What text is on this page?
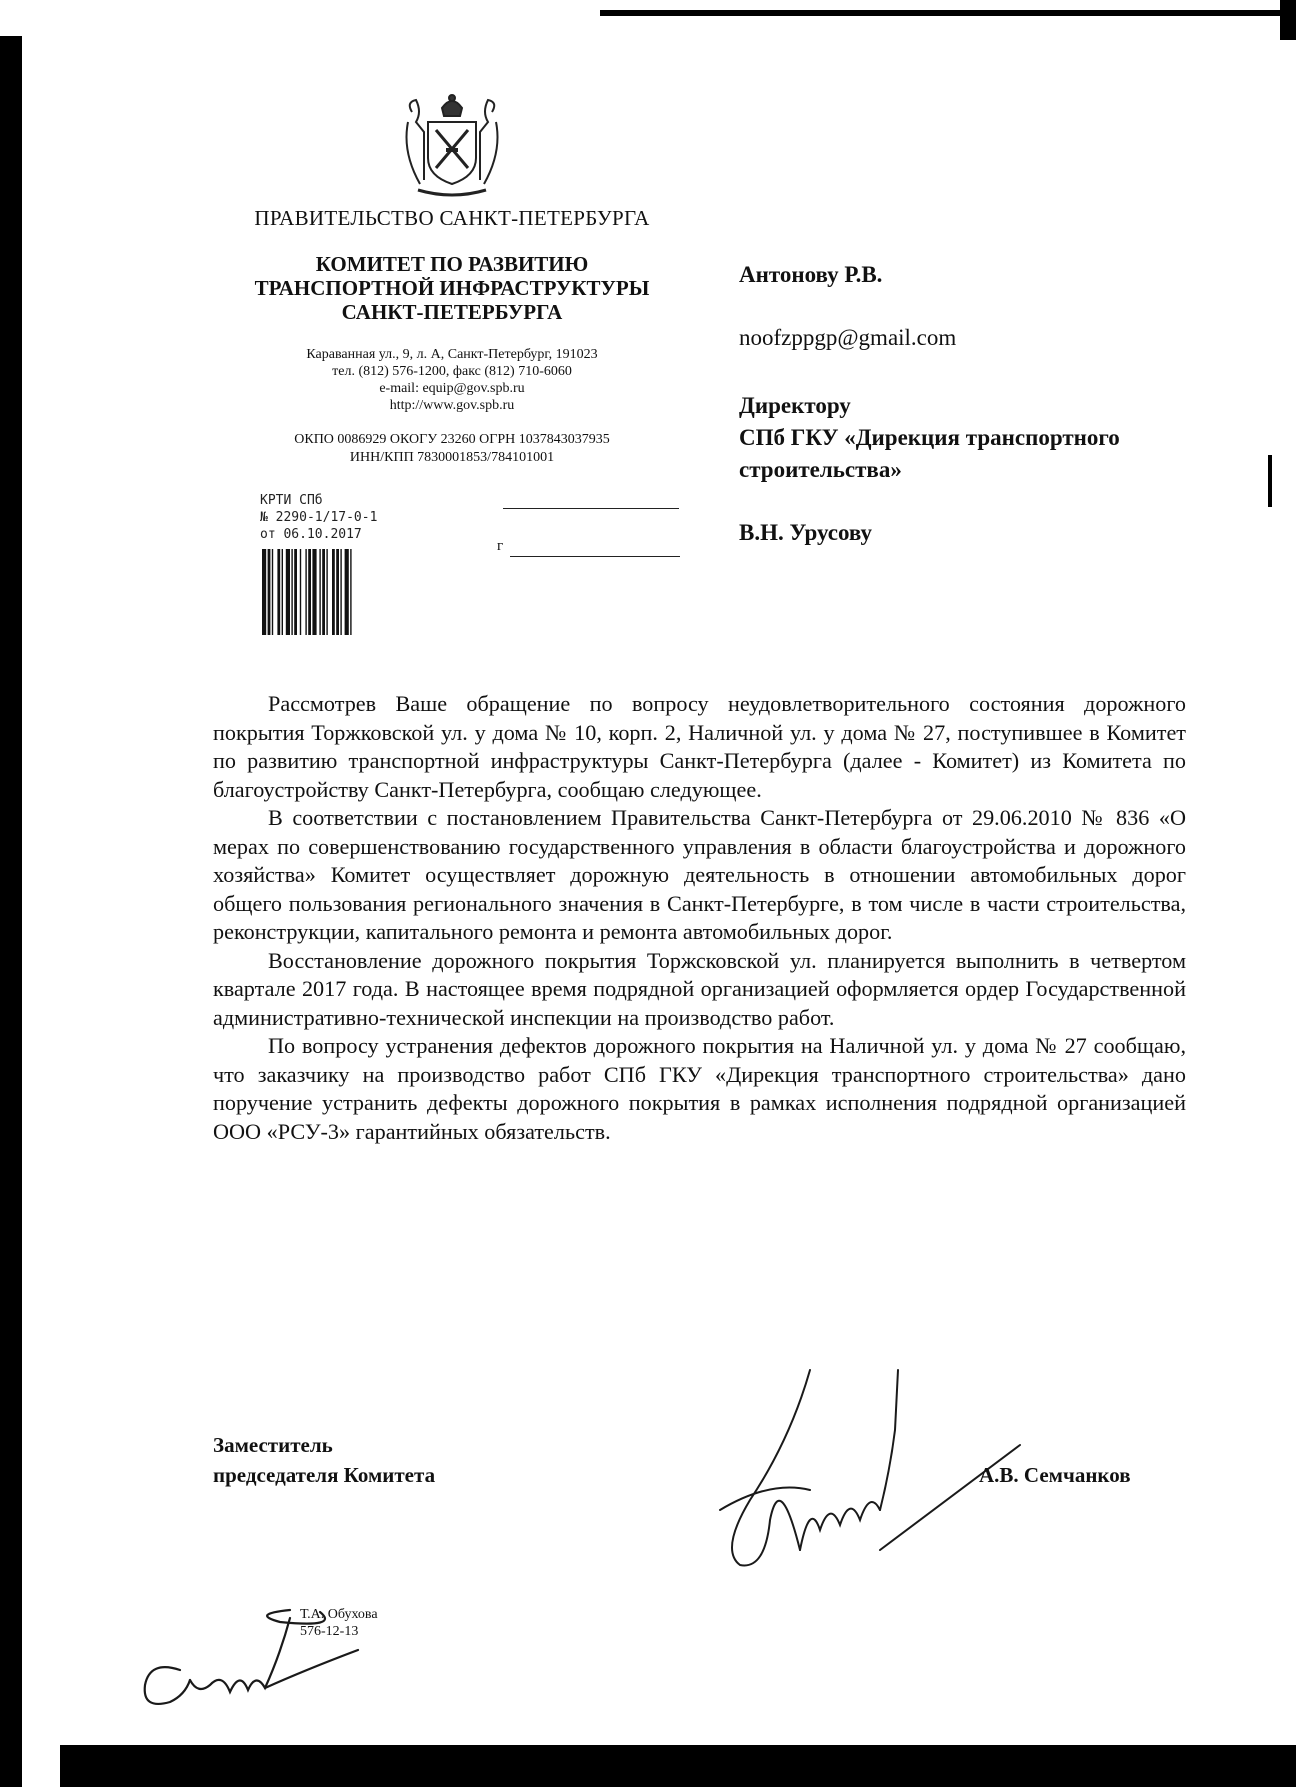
ПРАВИТЕЛЬСТВО САНКТ-ПЕТЕРБУРГА
КОМИТЕТ ПО РАЗВИТИЮ
ТРАНСПОРТНОЙ ИНФРАСТРУКТУРЫ
САНКТ-ПЕТЕРБУРГА
Караванная ул., 9, л. А, Санкт-Петербург, 191023
тел. (812) 576-1200, факс (812) 710-6060
e-mail: equip@gov.spb.ru
http://www.gov.spb.ru
ОКПО 0086929 ОКОГУ 23260 ОГРН 1037843037935
ИНН/КПП 7830001853/784101001
КРТИ СПб
№ 2290-1/17-0-1
от 06.10.2017
г
Антонову Р.В.
noofzppgp@gmail.com
Директору
СПб ГКУ «Дирекция транспортного
строительства»
В.Н. Урусову

Рассмотрев Ваше обращение по вопросу неудовлетворительного состояния дорожного покрытия Торжковской ул. у дома № 10, корп. 2, Наличной ул. у дома № 27, поступившее в Комитет по развитию транспортной инфраструктуры Санкт-Петербурга (далее - Комитет) из Комитета по благоустройству Санкт-Петербурга, сообщаю следующее.

В соответствии с постановлением Правительства Санкт-Петербурга от 29.06.2010 № 836 «О мерах по совершенствованию государственного управления в области благоустройства и дорожного хозяйства» Комитет осуществляет дорожную деятельность в отношении автомобильных дорог общего пользования регионального значения в Санкт-Петербурге, в том числе в части строительства, реконструкции, капитального ремонта и ремонта автомобильных дорог.

Восстановление дорожного покрытия Торжсковской ул. планируется выполнить в четвертом квартале 2017 года. В настоящее время подрядной организацией оформляется ордер Государственной административно-технической инспекции на производство работ.

По вопросу устранения дефектов дорожного покрытия на Наличной ул. у дома № 27 сообщаю, что заказчику на производство работ СПб ГКУ «Дирекция транспортного строительства» дано поручение устранить дефекты дорожного покрытия в рамках исполнения подрядной организацией ООО «РСУ-3» гарантийных обязательств.

Заместитель
председателя Комитета	А.В. Семчанков
Т.А. Обухова
576-12-13
